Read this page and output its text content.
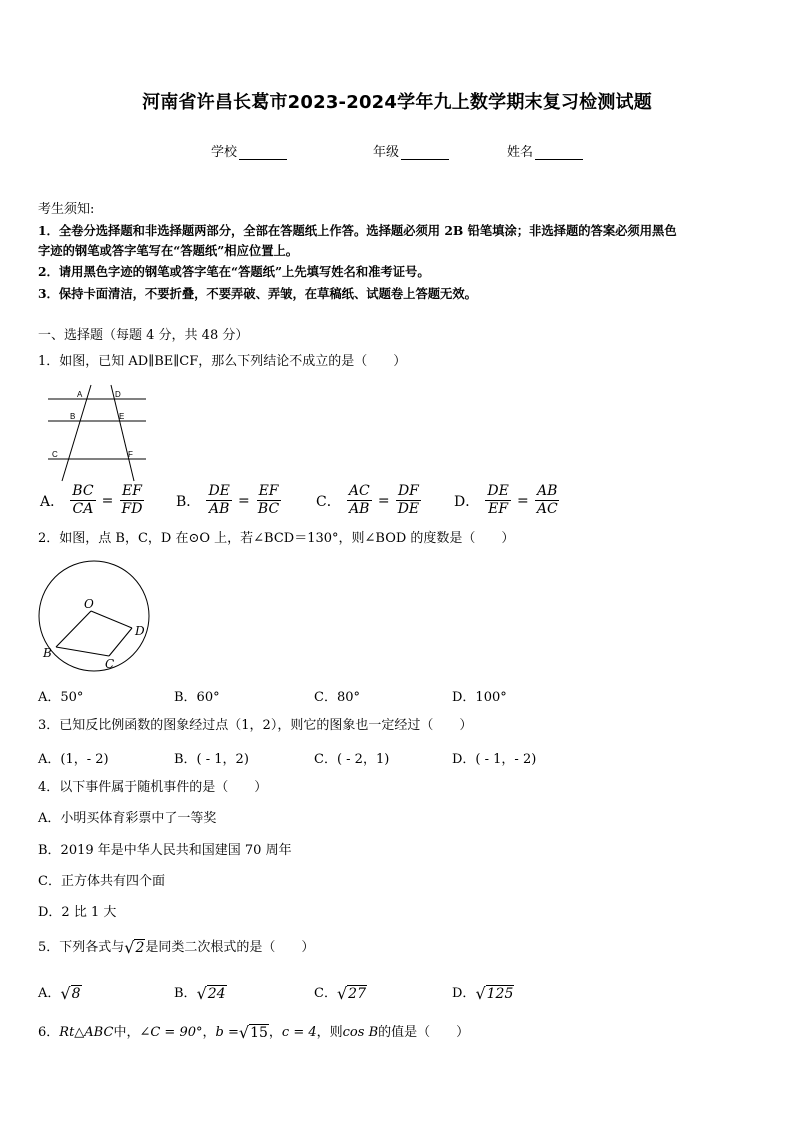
河南省许昌长葛市2023-2024学年九上数学期末复习检测试题
学校	年级	姓名
考生须知:
1．全卷分选择题和非选择题两部分，全部在答题纸上作答。选择题必须用 2B 铅笔填涂；非选择题的答案必须用黑色
字迹的钢笔或答字笔写在“答题纸”相应位置上。
2．请用黑色字迹的钢笔或答字笔在“答题纸”上先填写姓名和准考证号。
3．保持卡面清洁，不要折叠，不要弄破、弄皱，在草稿纸、试题卷上答题无效。
一、选择题（每题 4 分，共 48 分）
1．如图，已知 AD∥BE∥CF，那么下列结论不成立的是（　　）
A	D
B	E
C	F
A． $\frac{BC}{CA} = \frac{EF}{FD}$ B． $\frac{DE}{AB} = \frac{EF}{BC}$ C． $\frac{AC}{AB} = \frac{DF}{DE}$ D． $\frac{DE}{EF} = \frac{AB}{AC}$
2．如图，点 B，C，D 在⊙O 上，若∠BCD＝130°，则∠BOD 的度数是（　　）
O
D
B
C
A．50°	B．60°	C．80°	D．100°
3．已知反比例函数的图象经过点（1，2），则它的图象也一定经过（　　）
A．(1，- 2)	B．( - 1，2)	C．( - 2，1)	D．( - 1，- 2)
4．以下事件属于随机事件的是（　　）
A．小明买体育彩票中了一等奖
B．2019 年是中华人民共和国建国 70 周年
C．正方体共有四个面
D．2 比 1 大
5．下列各式与 √ 2 是同类二次根式的是（　　）
A． √ 8	B． √ 24	C． √ 27	D． √ 125
6．Rt△ABC中，∠C = 90°，b = √ 15 ，c = 4，则cos B的值是（　　）
